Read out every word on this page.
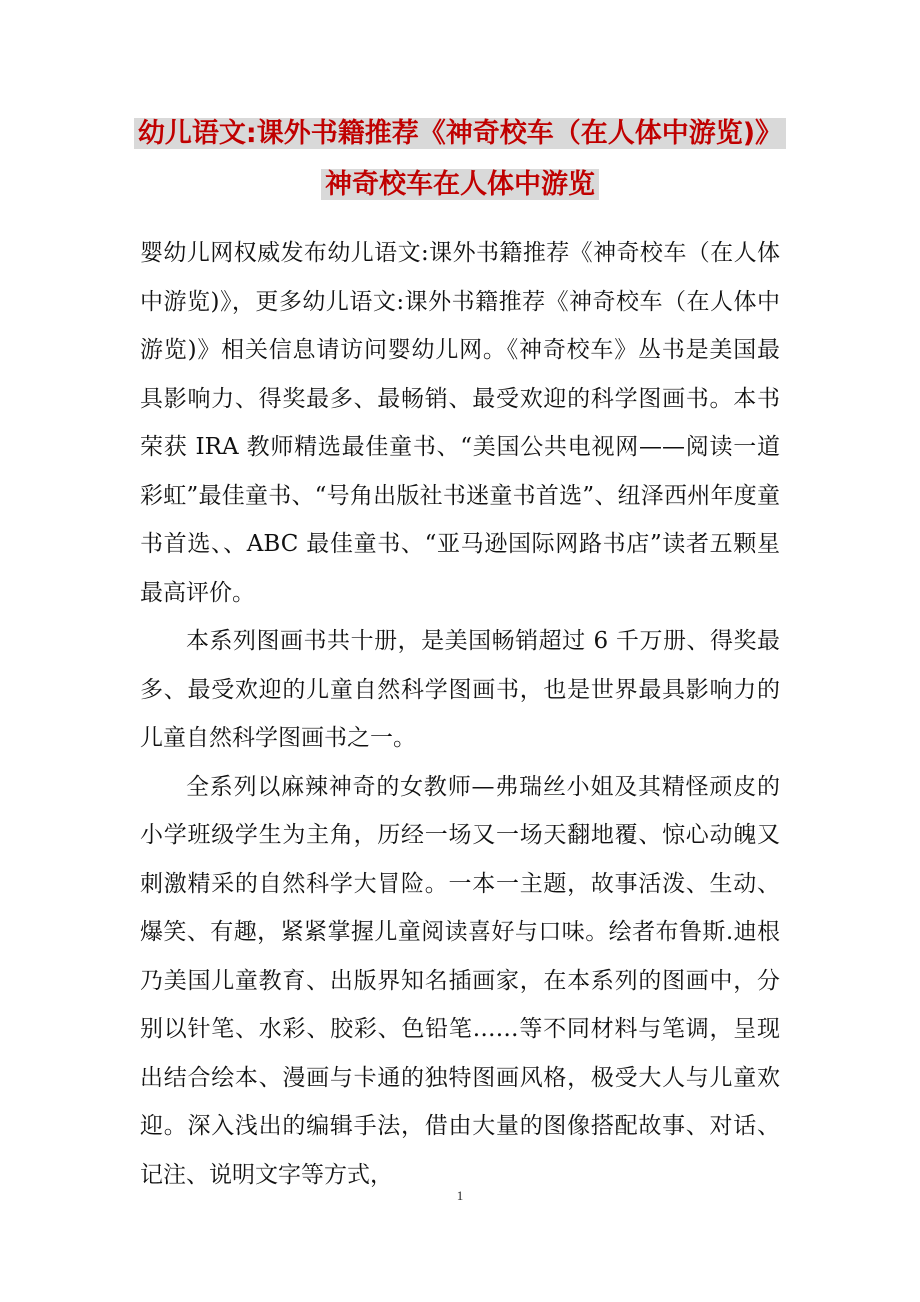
幼儿语文:课外书籍推荐《神奇校车（在人体中游览)》
神奇校车在人体中游览

婴幼儿网权威发布幼儿语文:课外书籍推荐《神奇校车（在人体中游览)》，更多幼儿语文:课外书籍推荐《神奇校车（在人体中游览)》相关信息请访问婴幼儿网。《神奇校车》丛书是美国最具影响力、得奖最多、最畅销、最受欢迎的科学图画书。本书荣获 IRA 教师精选最佳童书、“美国公共电视网——阅读一道彩虹”最佳童书、“号角出版社书迷童书首选”、纽泽西州年度童书首选、、ABC 最佳童书、“亚马逊国际网路书店”读者五颗星最高评价。

本系列图画书共十册，是美国畅销超过 6 千万册、得奖最多、最受欢迎的儿童自然科学图画书，也是世界最具影响力的儿童自然科学图画书之一。

全系列以麻辣神奇的女教师—弗瑞丝小姐及其精怪顽皮的小学班级学生为主角，历经一场又一场天翻地覆、惊心动魄又刺激精采的自然科学大冒险。一本一主题，故事活泼、生动、爆笑、有趣，紧紧掌握儿童阅读喜好与口味。绘者布鲁斯.迪根乃美国儿童教育、出版界知名插画家，在本系列的图画中，分别以针笔、水彩、胶彩、色铅笔……等不同材料与笔调，呈现出结合绘本、漫画与卡通的独特图画风格，极受大人与儿童欢迎。深入浅出的编辑手法，借由大量的图像搭配故事、对话、记注、说明文字等方式，

1
